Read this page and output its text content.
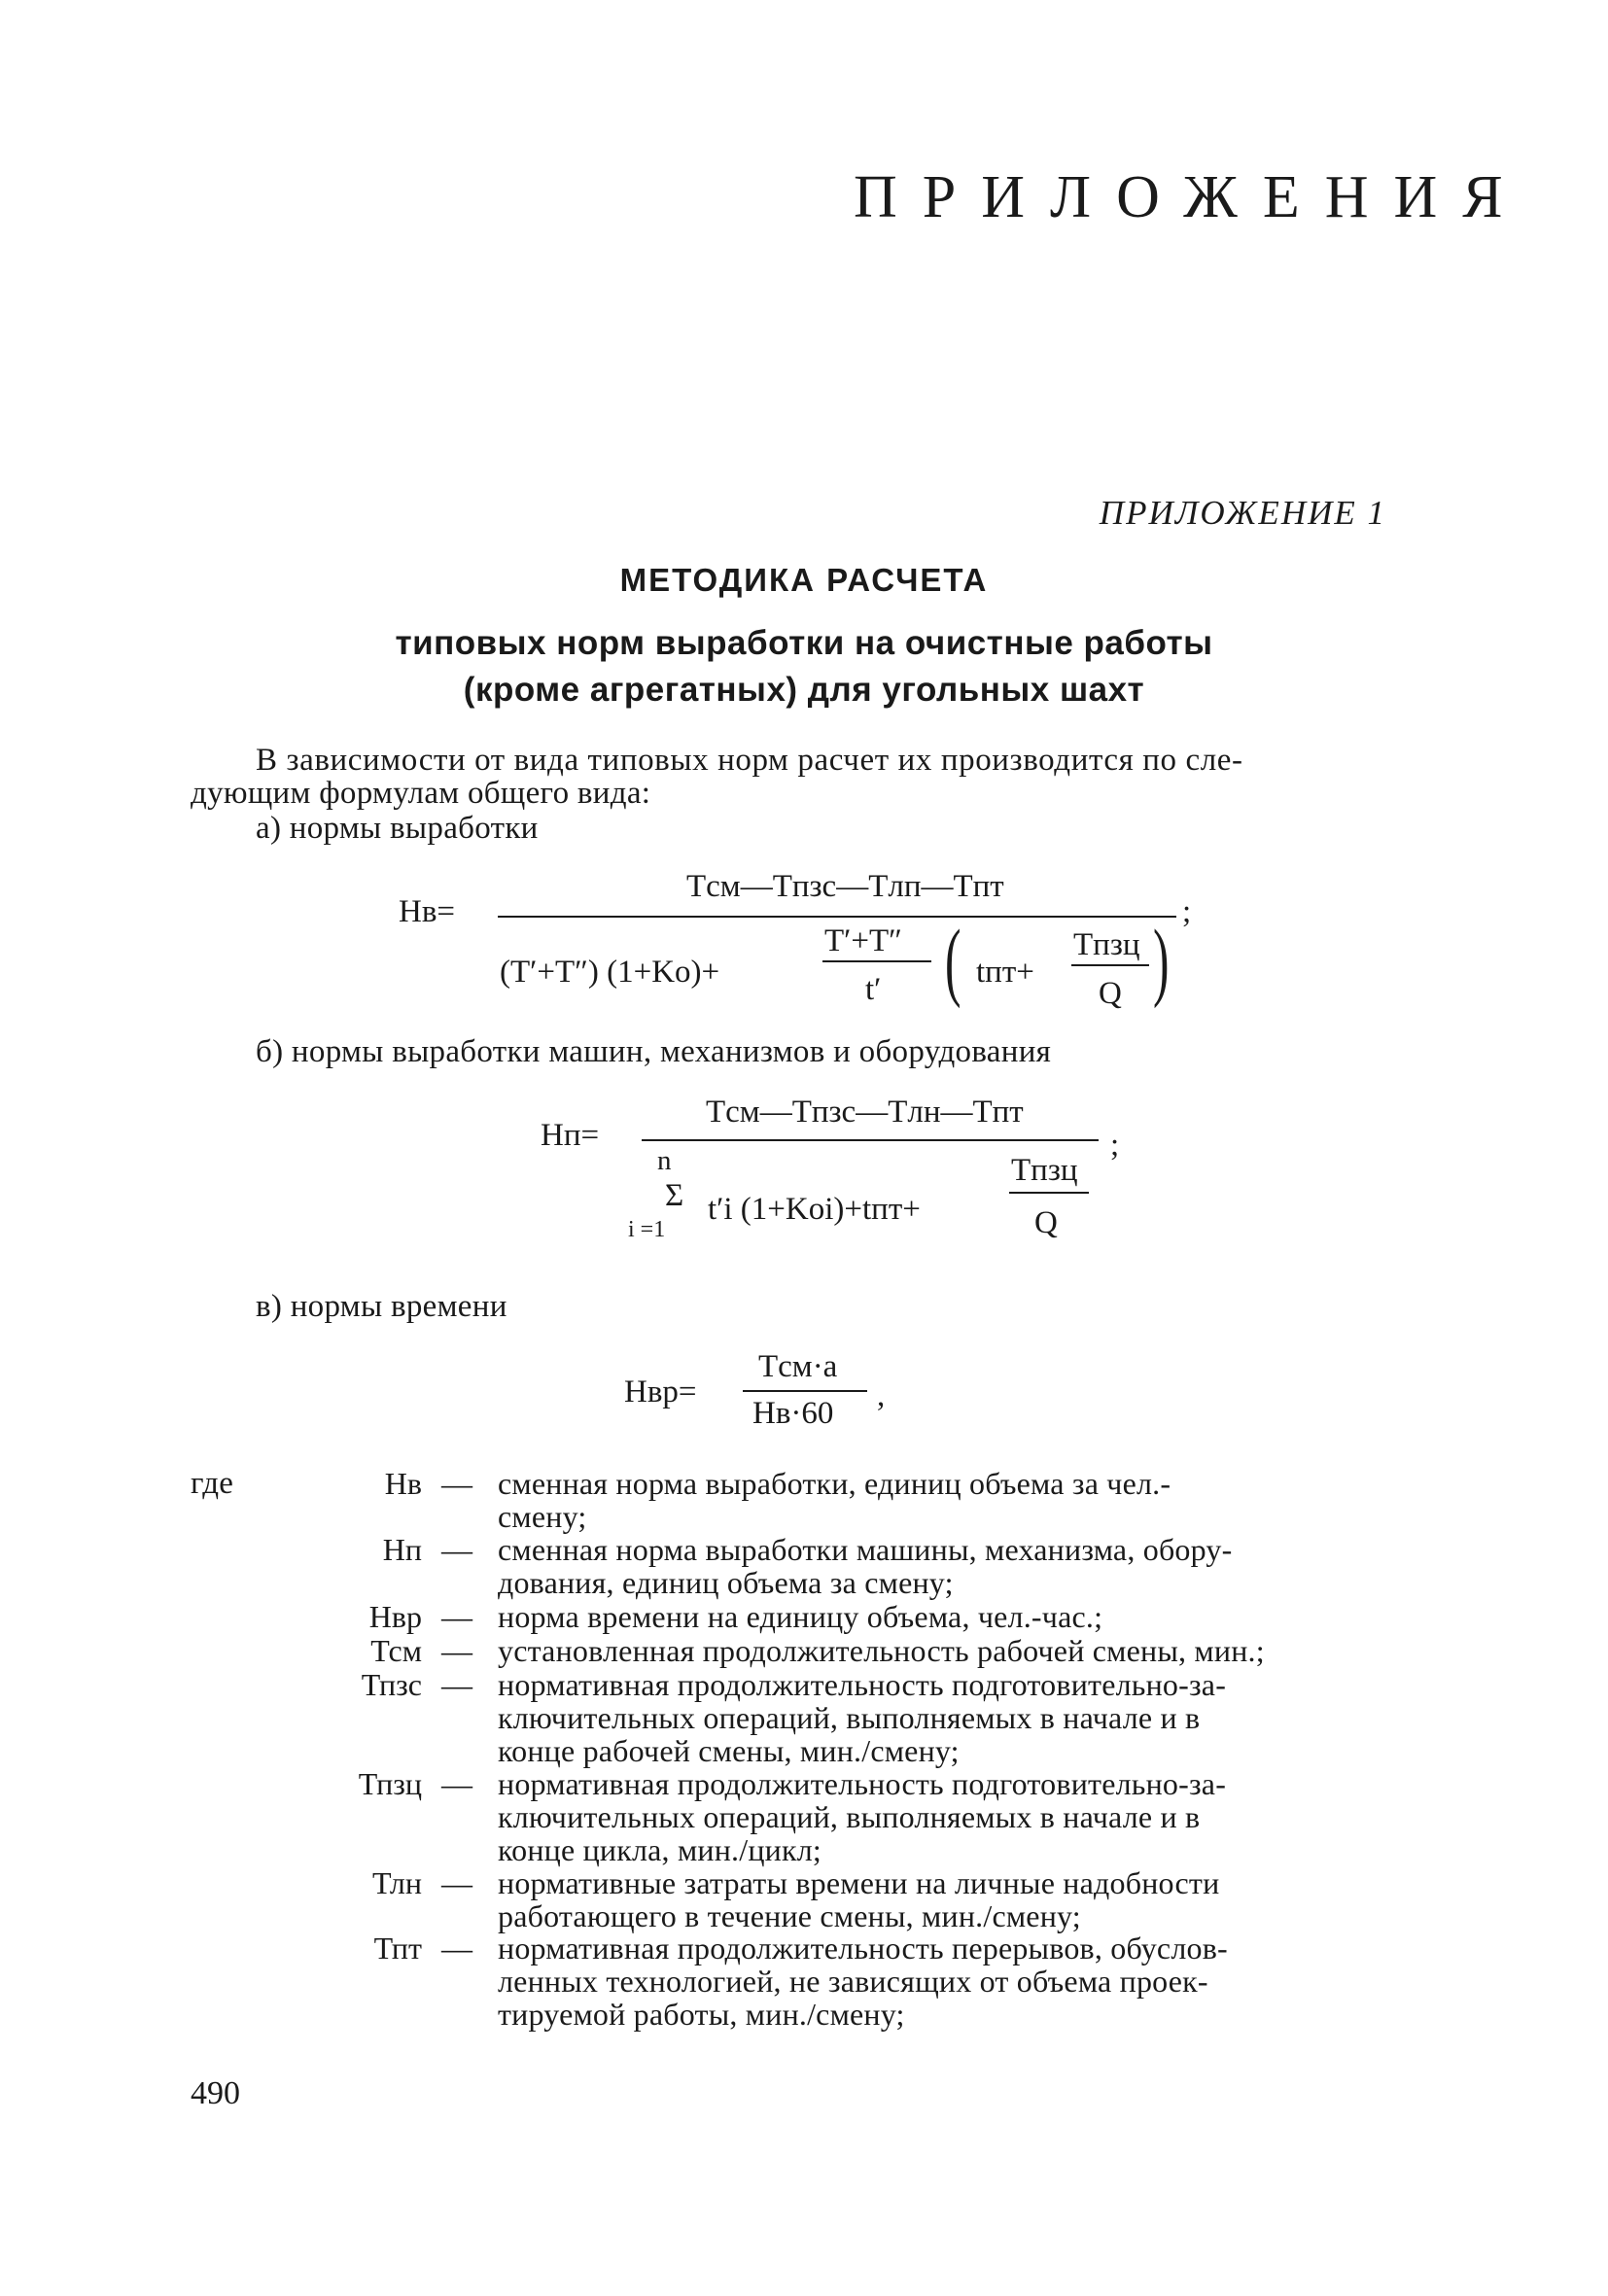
ПРИЛОЖЕНИЯ
ПРИЛОЖЕНИЕ 1
МЕТОДИКА РАСЧЕТА
типовых норм выработки на очистные работы
(кроме агрегатных) для угольных шахт
В зависимости от вида типовых норм расчет их производится по сле-
дующим формулам общего вида:
а) нормы выработки
Нв=
Tсм—Tпзс—Tлп—Tпт
;
(T′+T″) (1+Kо)+
T′+T″
t′ ( tпт+
Tпзц
Q )
б) нормы выработки машин, механизмов и оборудования
Нп=
Tсм—Tпзс—Tлн—Tпт
;
n
Σ
i =1
t′i (1+Koi)+tпт+
Tпзц
Q
в) нормы времени
Нвр=
Tсм·а
Нв·60 ,
где	Нв — сменная норма выработки, единиц объема за чел.-
смену;
Нп — сменная норма выработки машины, механизма, обору-
дования, единиц объема за смену;
Нвр — норма времени на единицу объема, чел.-час.;
Тсм — установленная продолжительность рабочей смены, мин.;
Тпзс — нормативная продолжительность подготовительно-за-
ключительных операций, выполняемых в начале и в
конце рабочей смены, мин./смену;
Тпзц — нормативная продолжительность подготовительно-за-
ключительных операций, выполняемых в начале и в
конце цикла, мин./цикл;
Тлн — нормативные затраты времени на личные надобности
работающего в течение смены, мин./смену;
Тпт — нормативная продолжительность перерывов, обуслов-
ленных технологией, не зависящих от объема проек-
тируемой работы, мин./смену;
490
